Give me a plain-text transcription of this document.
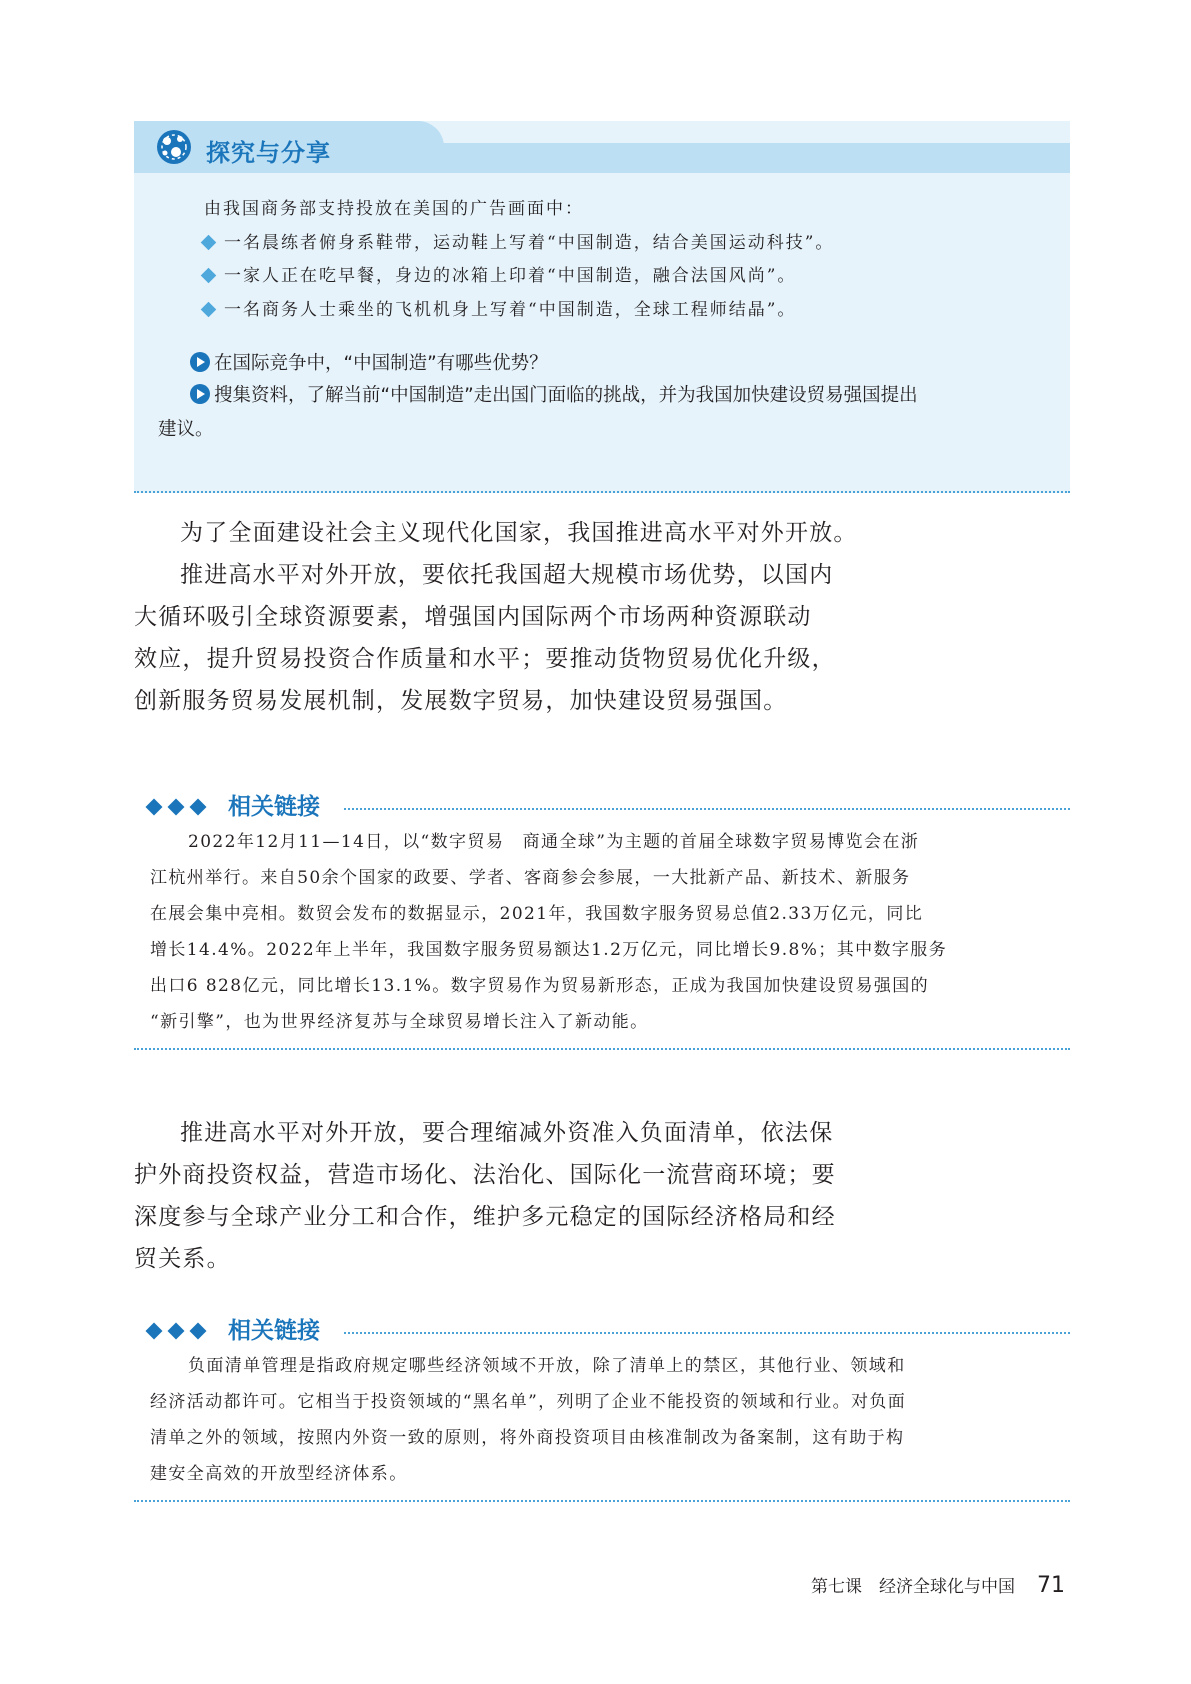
探究与分享
由我国商务部支持投放在美国的广告画面中：
一名晨练者俯身系鞋带，运动鞋上写着“中国制造，结合美国运动科技”。
一家人正在吃早餐，身边的冰箱上印着“中国制造，融合法国风尚”。
一名商务人士乘坐的飞机机身上写着“中国制造，全球工程师结晶”。
在国际竞争中，“中国制造”有哪些优势？
搜集资料，了解当前“中国制造”走出国门面临的挑战，并为我国加快建设贸易强国提出
建议。

为了全面建设社会主义现代化国家，我国推进高水平对外开放。
推进高水平对外开放，要依托我国超大规模市场优势，以国内
大循环吸引全球资源要素，增强国内国际两个市场两种资源联动
效应，提升贸易投资合作质量和水平；要推动货物贸易优化升级，
创新服务贸易发展机制，发展数字贸易，加快建设贸易强国。

相关链接
2022年12月11—14日，以“数字贸易　商通全球”为主题的首届全球数字贸易博览会在浙
江杭州举行。来自50余个国家的政要、学者、客商参会参展，一大批新产品、新技术、新服务
在展会集中亮相。数贸会发布的数据显示，2021年，我国数字服务贸易总值2.33万亿元，同比
增长14.4%。2022年上半年，我国数字服务贸易额达1.2万亿元，同比增长9.8%；其中数字服务
出口6 828亿元，同比增长13.1%。数字贸易作为贸易新形态，正成为我国加快建设贸易强国的
“新引擎”，也为世界经济复苏与全球贸易增长注入了新动能。

推进高水平对外开放，要合理缩减外资准入负面清单，依法保
护外商投资权益，营造市场化、法治化、国际化一流营商环境；要
深度参与全球产业分工和合作，维护多元稳定的国际经济格局和经
贸关系。

相关链接
负面清单管理是指政府规定哪些经济领域不开放，除了清单上的禁区，其他行业、领域和
经济活动都许可。它相当于投资领域的“黑名单”，列明了企业不能投资的领域和行业。对负面
清单之外的领域，按照内外资一致的原则，将外商投资项目由核准制改为备案制，这有助于构
建安全高效的开放型经济体系。
第七课　经济全球化与中国 71
